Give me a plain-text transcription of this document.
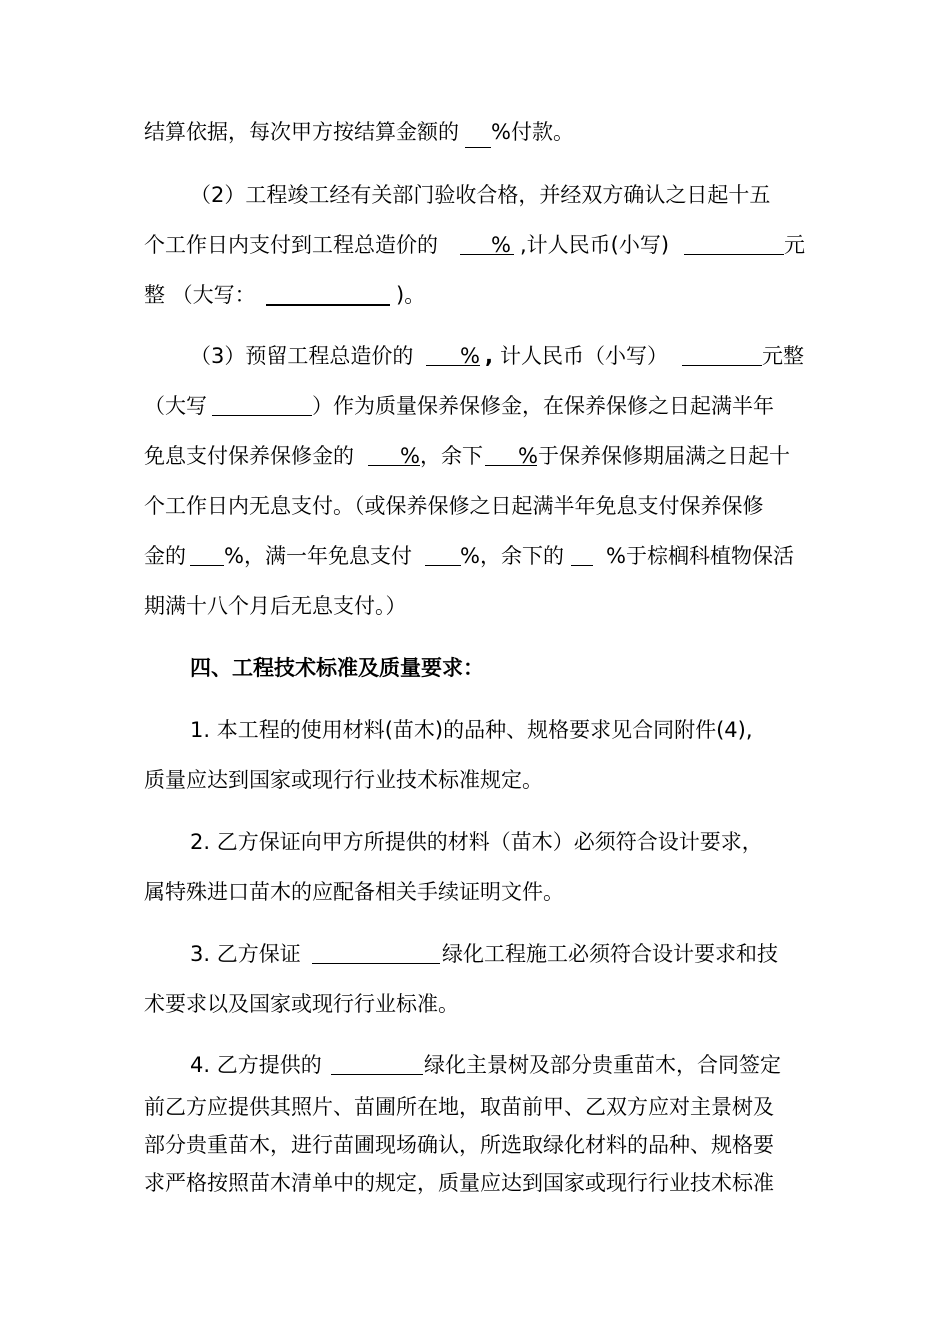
结算依据，每次甲方按结算金额的 %付款。
（2）工程竣工经有关部门验收合格，并经双方确认之日起十五
个工作日内支付到工程总造价的	% ,计人民币(小写)	元
整 （大写：	)。
（3）预留工程总造价的 % , 计人民币（小写）	元整
（大写	）作为质量保养保修金，在保养保修之日起满半年
免息支付保养保修金的 %，余下 %于保养保修期届满之日起十
个工作日内无息支付。（或保养保修之日起满半年免息支付保养保修
金的 %，满一年免息支付 %，余下的 %于棕榈科植物保活
期满十八个月后无息支付。）
四、工程技术标准及质量要求：
1. 本工程的使用材料(苗木)的品种、规格要求见合同附件(4),
质量应达到国家或现行行业技术标准规定。
2. 乙方保证向甲方所提供的材料（苗木）必须符合设计要求，
属特殊进口苗木的应配备相关手续证明文件。
3. 乙方保证	绿化工程施工必须符合设计要求和技
术要求以及国家或现行行业标准。
4. 乙方提供的	绿化主景树及部分贵重苗木，合同签定
前乙方应提供其照片、苗圃所在地，取苗前甲、乙双方应对主景树及
部分贵重苗木，进行苗圃现场确认，所选取绿化材料的品种、规格要
求严格按照苗木清单中的规定，质量应达到国家或现行行业技术标准
